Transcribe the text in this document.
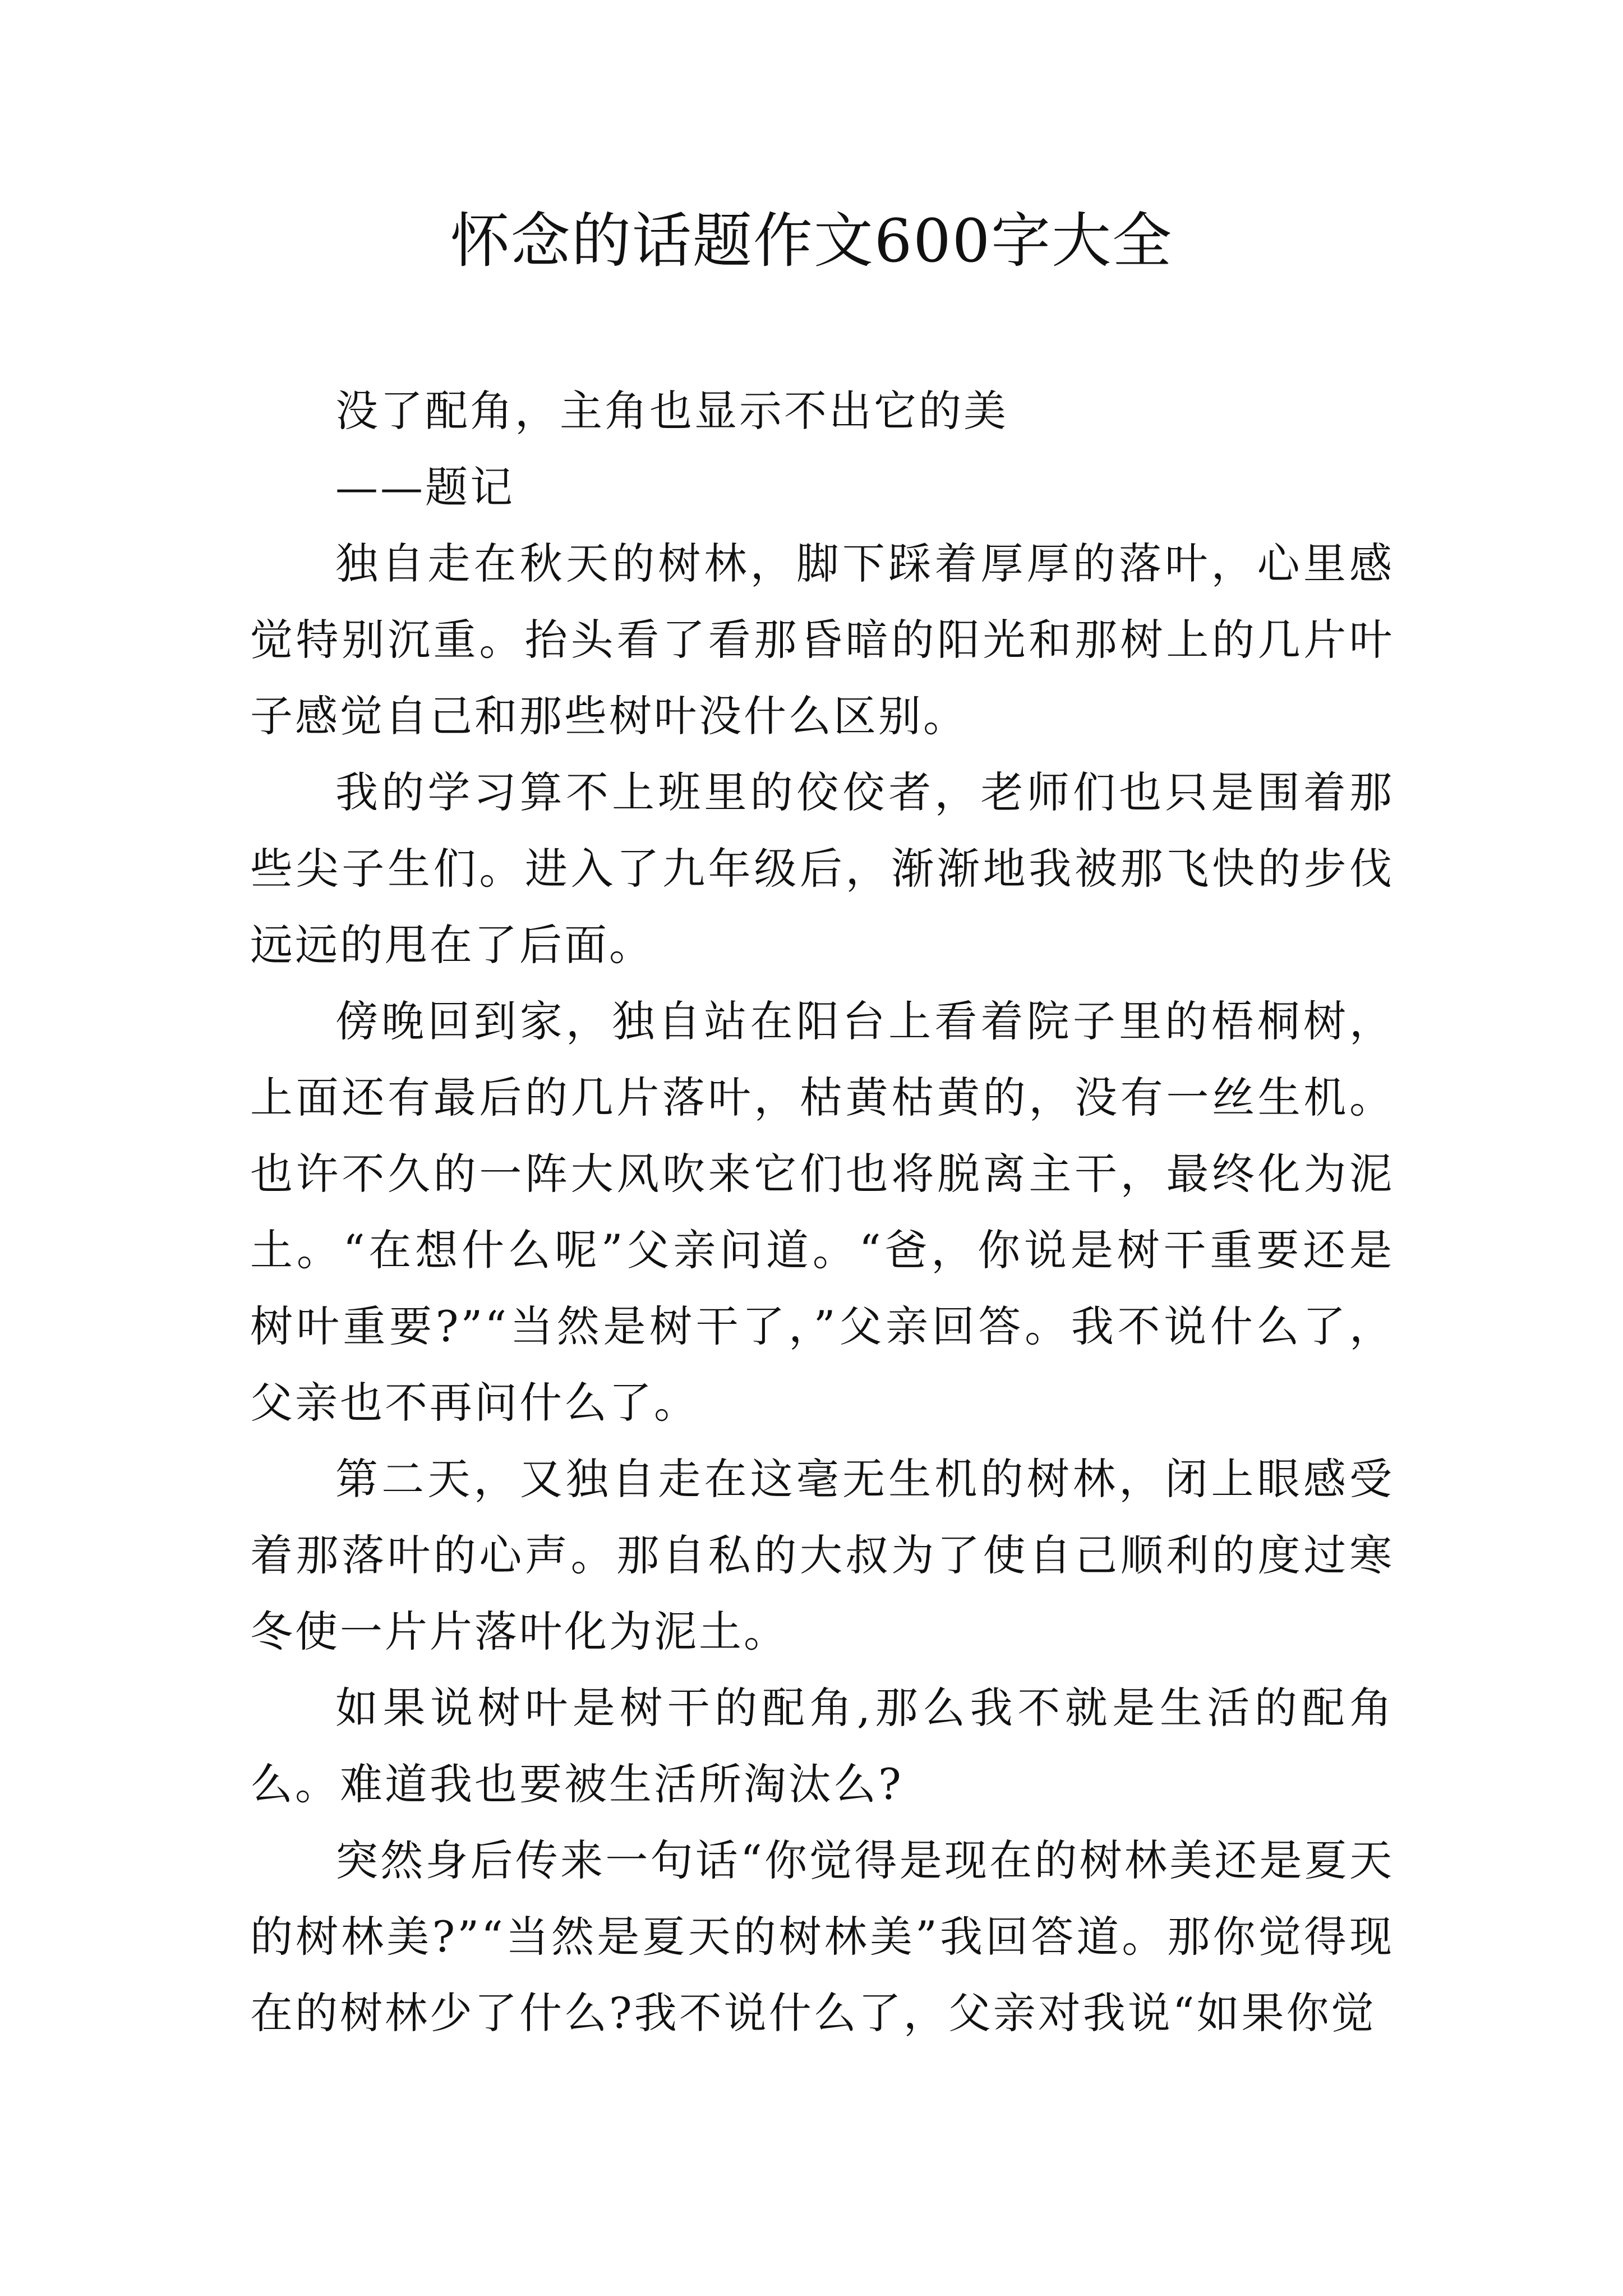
怀念的话题作文600字大全

没了配角，主角也显示不出它的美

——题记

独自走在秋天的树林，脚下踩着厚厚的落叶，心里感觉特别沉重。抬头看了看那昏暗的阳光和那树上的几片叶子感觉自己和那些树叶没什么区别。

我的学习算不上班里的佼佼者，老师们也只是围着那些尖子生们。进入了九年级后，渐渐地我被那飞快的步伐远远的甩在了后面。

傍晚回到家，独自站在阳台上看着院子里的梧桐树，上面还有最后的几片落叶，枯黄枯黄的，没有一丝生机。也许不久的一阵大风吹来它们也将脱离主干，最终化为泥土。“在想什么呢”父亲问道。“爸，你说是树干重要还是树叶重要?”“当然是树干了，”父亲回答。我不说什么了，父亲也不再问什么了。

第二天，又独自走在这毫无生机的树林，闭上眼感受着那落叶的心声。那自私的大叔为了使自己顺利的度过寒冬使一片片落叶化为泥土。

如果说树叶是树干的配角,那么我不就是生活的配角么。难道我也要被生活所淘汰么?

突然身后传来一句话“你觉得是现在的树林美还是夏天的树林美?”“当然是夏天的树林美”我回答道。那你觉得现在的树林少了什么?我不说什么了，父亲对我说“如果你觉
